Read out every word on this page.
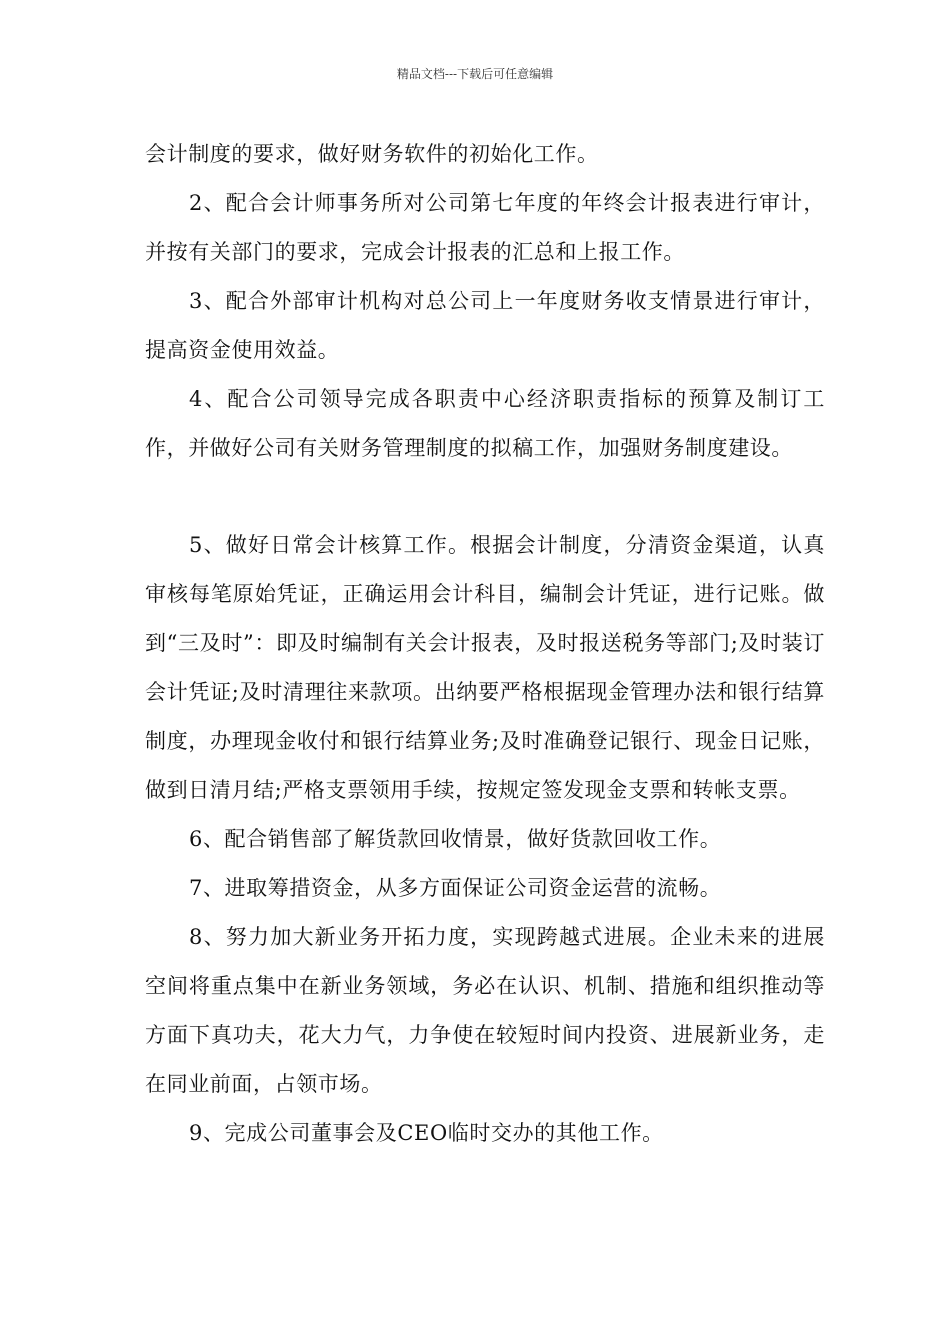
精品文档---下载后可任意编辑

会计制度的要求，做好财务软件的初始化工作。

2、配合会计师事务所对公司第七年度的年终会计报表进行审计，并按有关部门的要求，完成会计报表的汇总和上报工作。

3、配合外部审计机构对总公司上一年度财务收支情景进行审计，提高资金使用效益。

4、配合公司领导完成各职责中心经济职责指标的预算及制订工作，并做好公司有关财务管理制度的拟稿工作，加强财务制度建设。

5、做好日常会计核算工作。根据会计制度，分清资金渠道，认真审核每笔原始凭证，正确运用会计科目，编制会计凭证，进行记账。做到“三及时”：即及时编制有关会计报表，及时报送税务等部门;及时装订会计凭证;及时清理往来款项。出纳要严格根据现金管理办法和银行结算制度，办理现金收付和银行结算业务;及时准确登记银行、现金日记账，做到日清月结;严格支票领用手续，按规定签发现金支票和转帐支票。

6、配合销售部了解货款回收情景，做好货款回收工作。

7、进取筹措资金，从多方面保证公司资金运营的流畅。

8、努力加大新业务开拓力度，实现跨越式进展。企业未来的进展空间将重点集中在新业务领域，务必在认识、机制、措施和组织推动等方面下真功夫，花大力气，力争使在较短时间内投资、进展新业务，走在同业前面，占领市场。

9、完成公司董事会及CEO临时交办的其他工作。
